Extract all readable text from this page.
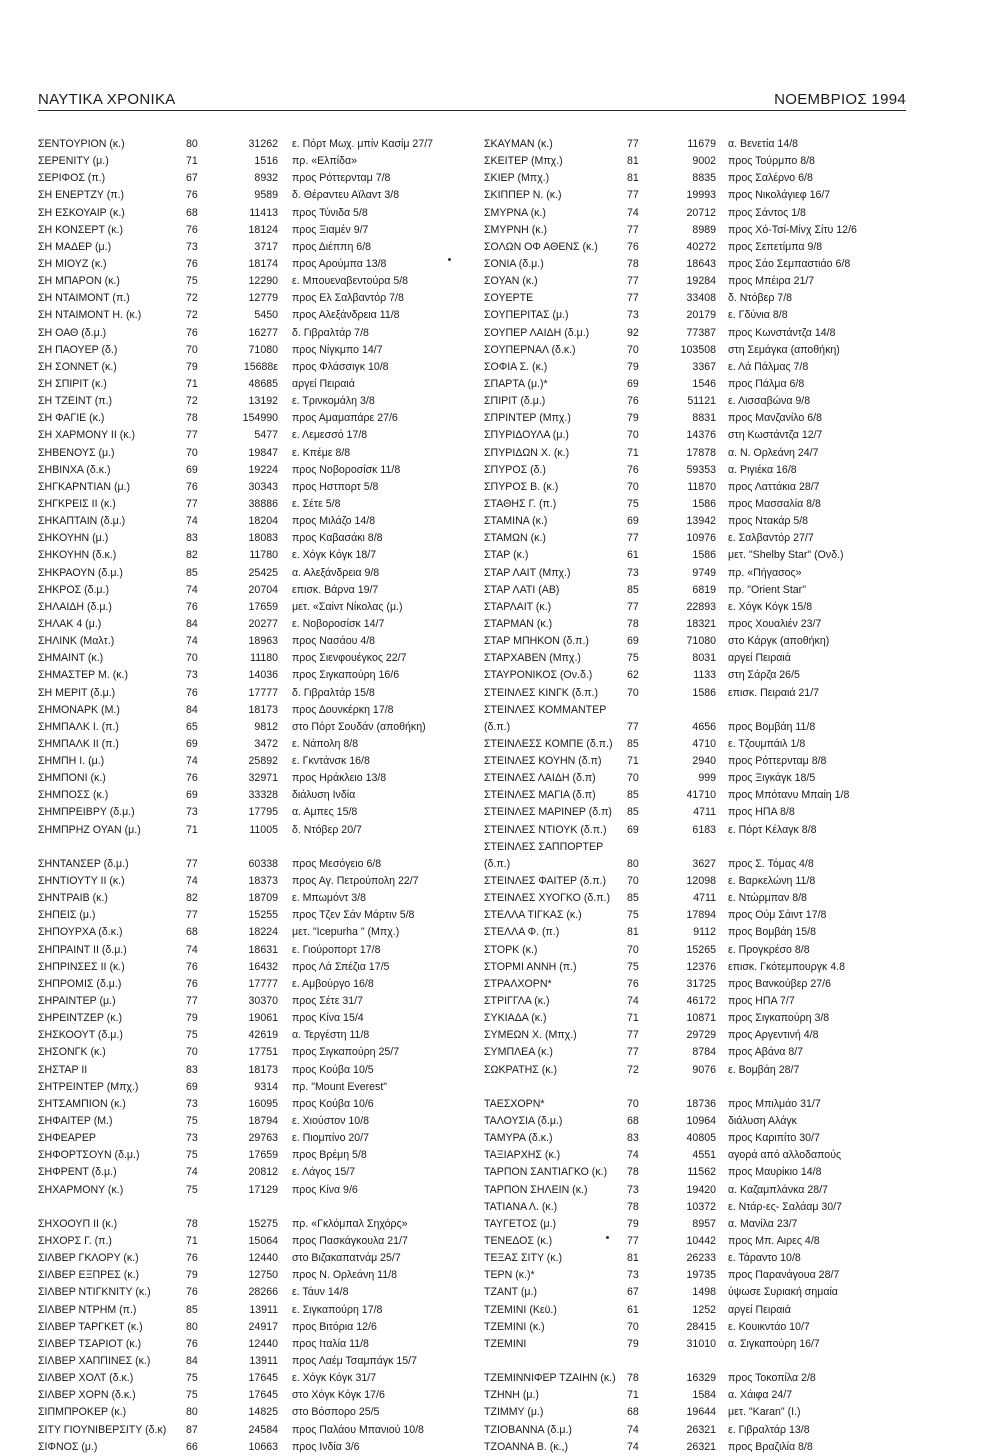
ΝΑΥΤΙΚΑ ΧΡΟΝΙΚΑ	ΝΟΕΜΒΡΙΟΣ 1994
ΣΕΝΤΟΥΡΙΟΝ (κ.)	80	31262	ε. Πόρτ Μωχ. μπίν Κασίμ 27/7
ΣΕΡΕΝΙΤΥ (μ.)	71	1516	πρ. «Ελπίδα»
ΣΕΡΙΦΟΣ (π.)	67	8932	προς Ρόττερνταμ 7/8
ΣΗ ΕΝΕΡΤΖΥ (π.)	76	9589	δ. Θέραντευ Αϊλαντ 3/8
ΣΗ ΕΣΚΟΥΑΙΡ (κ.)	68	11413	προς Τύνιδα 5/8
ΣΗ ΚΟΝΣΕΡΤ (κ.)	76	18124	προς Ξιαμέν 9/7
ΣΗ ΜΑΔΕΡ (μ.)	73	3717	προς Διέππη 6/8
ΣΗ ΜΙΟΥΖ (κ.)	76	18174	προς Αρούμπα 13/8
ΣΗ ΜΠΑΡΟΝ (κ.)	75	12290	ε. Μπουεναβεντούρα 5/8
ΣΗ ΝΤΑΙΜΟΝΤ (π.)	72	12779	προς Ελ Σαλβαντόρ 7/8
ΣΗ ΝΤΑΙΜΟΝΤ Η. (κ.)	72	5450	προς Αλεξάνδρεια 11/8
ΣΗ ΟΑΘ (δ.μ.)	76	16277	δ. Γιβραλτάρ 7/8
ΣΗ ΠΑΟΥΕΡ (δ.)	70	71080	προς Νίγκμπο 14/7
ΣΗ ΣΟΝΝΕΤ (κ.)	79	15688ε	προς Φλάσσιγκ 10/8
ΣΗ ΣΠΙΡΙΤ (κ.)	71	48685	αργεί Πειραιά
ΣΗ ΤΖΕΙΝΤ (π.)	72	13192	ε. Τρινκομάλη 3/8
ΣΗ ΦΑΓΙΕ (κ.)	78	154990	προς Αμαμαπάρε 27/6
ΣΗ ΧΑΡΜΟΝΥ ΙΙ (κ.)	77	5477	ε. Λεμεσσό 17/8
ΣΗΒΕΝΟΥΣ (μ.)	70	19847	ε. Κπέμε 8/8
ΣΗΒΙΝΧΑ (δ.κ.)	69	19224	προς Νοβοροσίσκ 11/8
ΣΗΓΚΑΡΝΤΙΑΝ (μ.)	76	30343	προς Ηστπορτ 5/8
ΣΗΓΚΡΕΙΣ ΙΙ (κ.)	77	38886	ε. Σέτε 5/8
ΣΗΚΑΠΤΑΙΝ (δ.μ.)	74	18204	προς Μιλάζο 14/8
ΣΗΚΟΥΗΝ (μ.)	83	18083	προς Καβασάκι 8/8
ΣΗΚΟΥΗΝ (δ.κ.)	82	11780	ε. Χόγκ Κόγκ 18/7
ΣΗΚΡΑΟΥΝ (δ.μ.)	85	25425	α. Αλεξάνδρεια 9/8
ΣΗΚΡΟΣ (δ.μ.)	74	20704	επισκ. Βάρνα 19/7
ΣΗΛΑΙΔΗ (δ.μ.)	76	17659	μετ. «Σαίντ Νίκολας (μ.)
ΣΗΛΑΚ 4 (μ.)	84	20277	ε. Νοβοροσίσκ 14/7
ΣΗΛΙΝΚ (Μαλτ.)	74	18963	προς Νασάου 4/8
ΣΗΜΑΙΝΤ (κ.)	70	11180	προς Σιενφουέγκος 22/7
ΣΗΜΑΣΤΕΡ Μ. (κ.)	73	14036	προς Σιγκαπούρη 16/6
ΣΗ ΜΕΡΙΤ (δ.μ.)	76	17777	δ. Γιβραλτάρ 15/8
ΣΗΜΟΝΑΡΚ (Μ.)	84	18173	προς Δουνκέρκη 17/8
ΣΗΜΠΑΛΚ Ι. (π.)	65	9812	στο Πόρτ Σουδάν (αποθήκη)
ΣΗΜΠΑΛΚ ΙΙ (π.)	69	3472	ε. Νάπολη 8/8
ΣΗΜΠΗ Ι. (μ.)	74	25892	ε. Γκντάνσκ 16/8
ΣΗΜΠΟΝΙ (κ.)	76	32971	προς Ηράκλειο 13/8
ΣΗΜΠΟΣΣ (κ.)	69	33328	διάλυση Ινδία
ΣΗΜΠΡΕΙΒΡΥ (δ.μ.)	73	17795	α. Αμπες 15/8
ΣΗΜΠΡΗΖ ΟΥΑΝ (μ.)	71	11005	δ. Ντόβερ 20/7
ΣΗΝΤΑΝΣΕΡ (δ.μ.)	77	60338	προς Μεσόγειο 6/8
ΣΗΝΤΙΟΥΤΥ ΙΙ (κ.)	74	18373	προς Αγ. Πετρούπολη 22/7
ΣΗΝΤΡΑΙΒ (κ.)	82	18709	ε. Μπωμόντ 3/8
ΣΗΠΕΙΣ (μ.)	77	15255	προς Τζεν Σάν Μάρτιν 5/8
ΣΗΠΟΥΡΧΑ (δ.κ.)	68	18224	μετ. "Icepurha " (Μπχ.)
ΣΗΠΡΑΙΝΤ ΙΙ (δ.μ.)	74	18631	ε. Γιούροπορτ 17/8
ΣΗΠΡΙΝΣΕΣ ΙΙ (κ.)	76	16432	προς Λά Σπέζια 17/5
ΣΗΠΡΟΜΙΣ (δ.μ.)	76	17777	ε. Αμβούργο 16/8
ΣΗΡΑΙΝΤΕΡ (μ.)	77	30370	προς Σέτε 31/7
ΣΗΡΕΙΝΤΖΕΡ (κ.)	79	19061	προς Κίνα 15/4
ΣΗΣΚΟΟΥΤ (δ.μ.)	75	42619	α. Τεργέστη 11/8
ΣΗΣΟΝΓΚ (κ.)	70	17751	προς Σιγκαπούρη 25/7
ΣΗΣΤΑΡ ΙΙ	83	18173	προς Κούβα 10/5
ΣΗΤΡΕΙΝΤΕΡ (Μπχ.)	69	9314	πρ. "Mount Everest"
ΣΗΤΣΑΜΠΙΟΝ (κ.)	73	16095	προς Κούβα 10/6
ΣΗΦΑΙΤΕΡ (Μ.)	75	18794	ε. Χιούστον 10/8
ΣΗΦΕΑΡΕΡ	73	29763	ε. Πιομπίνο 20/7
ΣΗΦΟΡΤΣΟΥΝ (δ.μ.)	75	17659	προς Βρέμη 5/8
ΣΗΦΡΕΝΤ (δ.μ.)	74	20812	ε. Λάγος 15/7
ΣΗΧΑΡΜΟΝΥ (κ.)	75	17129	προς Κίνα 9/6
ΣΗΧΟΟΥΠ ΙΙ (κ.)	78	15275	πρ. «Γκλόμπαλ Σηχόρς»
ΣΗΧΟΡΣ Γ. (π.)	71	15064	προς Πασκάγκουλα 21/7
ΣΙΛΒΕΡ ΓΚΛΟΡΥ (κ.)	76	12440	στο Βιζακαπατνάμ 25/7
ΣΙΛΒΕΡ ΕΞΠΡΕΣ (κ.)	79	12750	προς Ν. Ορλεάνη 11/8
ΣΙΛΒΕΡ ΝΤΙΓΚΝΙΤΥ (κ.)	76	28266	ε. Τάυν 14/8
ΣΙΛΒΕΡ ΝΤΡΗΜ (π.)	85	13911	ε. Σιγκαπούρη 17/8
ΣΙΛΒΕΡ ΤΑΡΓΚΕΤ (κ.)	80	24917	προς Βιτόρια 12/6
ΣΙΛΒΕΡ ΤΣΑΡΙΟΤ (κ.)	76	12440	προς Ιταλία 11/8
ΣΙΛΒΕΡ ΧΑΠΠΙΝΕΣ (κ.)	84	13911	προς Λαέμ Τσαμπάγκ 15/7
ΣΙΛΒΕΡ ΧΟΛΤ (δ.κ.)	75	17645	ε. Χόγκ Κόγκ 31/7
ΣΙΛΒΕΡ ΧΟΡΝ (δ.κ.)	75	17645	στο Χόγκ Κόγκ 17/6
ΣΙΠΜΠΡΟΚΕΡ (κ.)	80	14825	στο Βόσπορο 25/5
ΣΙΤΥ ΓΙΟΥΝΙΒΕΡΣΙΤΥ (δ.κ)	87	24584	προς Παλάου Μπανιού 10/8
ΣΙΦΝΟΣ (μ.)	66	10663	προς Ινδία 3/6
ΣΚΑΥΜΑΝ (κ.)	77	11679	α. Βενετία 14/8
ΣΚΕΙΤΕΡ (Μπχ.)	81	9002	προς Τούρμπο 8/8
ΣΚΙΕΡ (Μπχ.)	81	8835	προς Σαλέρνο 6/8
ΣΚΙΠΠΕΡ Ν. (κ.)	77	19993	προς Νικολάγιεφ 16/7
ΣΜΥΡΝΑ (κ.)	74	20712	προς Σάντος 1/8
ΣΜΥΡΝΗ (κ.)	77	8989	προς Χό-Τσί-Μίνχ Σίτυ 12/6
ΣΟΛΩΝ ΟΦ ΑΘΕΝΣ (κ.)	76	40272	προς Σεπετίμπα 9/8
ΣΟΝΙΑ (δ.μ.)	78	18643	προς Σάο Σεμπαστιάο 6/8
ΣΟΥΑΝ (κ.)	77	19284	προς Μπέιρα 21/7
ΣΟΥΕΡΤΕ	77	33408	δ. Ντόβερ 7/8
ΣΟΥΠΕΡΙΤΑΣ (μ.)	73	20179	ε. Γδύνια 8/8
ΣΟΥΠΕΡ ΛΑΙΔΗ (δ.μ.)	92	77387	προς Κωνστάντζα 14/8
ΣΟΥΠΕΡΝΑΛ (δ.κ.)	70	103508	στη Σεμάγκα (αποθήκη)
ΣΟΦΙΑ Σ. (κ.)	79	3367	ε. Λά Πάλμας 7/8
ΣΠΑΡΤΑ (μ.)*	69	1546	προς Πάλμα 6/8
ΣΠΙΡΙΤ (δ.μ.)	76	51121	ε. Λισσαβώνα 9/8
ΣΠΡΙΝΤΕΡ (Μπχ.)	79	8831	προς Μανζανίλο 6/8
ΣΠΥΡΙΔΟΥΛΑ (μ.)	70	14376	στη Κωστάντζα 12/7
ΣΠΥΡΙΔΩΝ Χ. (κ.)	71	17878	α. Ν. Ορλεάνη 24/7
ΣΠΥΡΟΣ (δ.)	76	59353	α. Ριγιέκα 16/8
ΣΠΥΡΟΣ Β. (κ.)	70	11870	προς Λαττάκια 28/7
ΣΤΑΘΗΣ Γ. (π.)	75	1586	προς Μασσαλία 8/8
ΣΤΑΜΙΝΑ (κ.)	69	13942	προς Ντακάρ 5/8
ΣΤΑΜΩΝ (κ.)	77	10976	ε. Σαλβαντόρ 27/7
ΣΤΑΡ (κ.)	61	1586	μετ. "Shelby Star" (Ονδ.)
ΣΤΑΡ ΛΑΙΤ (Μπχ.)	73	9749	πρ. «Πήγασος»
ΣΤΑΡ ΛΑΤΙ (ΑΒ)	85	6819	πρ. "Orient Star"
ΣΤΑΡΛΑΙΤ (κ.)	77	22893	ε. Χόγκ Κόγκ 15/8
ΣΤΑΡΜΑΝ (κ.)	78	18321	προς Χουαλιέν 23/7
ΣΤΑΡ ΜΠΗΚΟΝ (δ.π.)	69	71080	στο Κάργκ (αποθήκη)
ΣΤΑΡΧΑΒΕΝ (Μπχ.)	75	8031	αργεί Πειραιά
ΣΤΑΥΡΟΝΙΚΟΣ (Ον.δ.)	62	1133	στη Σάρζα 26/5
ΣΤΕΙΝΛΕΣ ΚΙΝΓΚ (δ.π.)	70	1586	επισκ. Πειραιά 21/7
ΣΤΕΙΝΛΕΣ ΚΟΜΜΑΝΤΕΡ
(δ.π.)	77	4656	προς Βομβάη 11/8
ΣΤΕΙΝΛΕΣΣ ΚΟΜΠΕ (δ.π.)	85	4710	ε. Τζουμπάιλ 1/8
ΣΤΕΙΝΛΕΣ ΚΟΥΗΝ (δ.π)	71	2940	προς Ρόττερνταμ 8/8
ΣΤΕΙΝΛΕΣ ΛΑΙΔΗ (δ.π)	70	999	προς Ξιγκάγκ 18/5
ΣΤΕΙΝΛΕΣ ΜΑΓΙΑ (δ.π)	85	41710	προς Μπότανυ Μπαίη 1/8
ΣΤΕΙΝΛΕΣ ΜΑΡΙΝΕΡ (δ.π)	85	4711	προς ΗΠΑ 8/8
ΣΤΕΙΝΛΕΣ ΝΤΙΟΥΚ (δ.π.)	69	6183	ε. Πόρτ Κέλαγκ 8/8
ΣΤΕΙΝΛΕΣ ΣΑΠΠΟΡΤΕΡ
(δ.π.)	80	3627	προς Σ. Τόμας 4/8
ΣΤΕΙΝΛΕΣ ΦΑΙΤΕΡ (δ.π.)	70	12098	ε. Βαρκελώνη 11/8
ΣΤΕΙΝΛΕΣ ΧΥΟΓΚΟ (δ.π.)	85	4711	ε. Ντώρμπαν 8/8
ΣΤΕΛΛΑ ΤΙΓΚΑΣ (κ.)	75	17894	προς Ούμ Σάιντ 17/8
ΣΤΕΛΛΑ Φ. (π.)	81	9112	προς Βομβάη 15/8
ΣΤΟΡΚ (κ.)	70	15265	ε. Προγκρέσο 8/8
ΣΤΟΡΜΙ ΑΝΝΗ (π.)	75	12376	επισκ. Γκότεμπουργκ 4.8
ΣΤΡΑΛΧΟΡΝ*	76	31725	προς Βανκούβερ 27/6
ΣΤΡΙΓΓΛΑ (κ.)	74	46172	προς ΗΠΑ 7/7
ΣΥΚΙΑΔΑ (κ.)	71	10871	προς Σιγκαπούρη 3/8
ΣΥΜΕΩΝ Χ. (Μπχ.)	77	29729	προς Αργεντινή 4/8
ΣΥΜΠΛΕΑ (κ.)	77	8784	προς Αβάνα 8/7
ΣΩΚΡΑΤΗΣ (κ.)	72	9076	ε. Βομβάη 28/7
ΤΑΕΣΧΟΡΝ*	70	18736	προς Μπιλμάο 31/7
ΤΑΛΟΥΣΙΑ (δ.μ.)	68	10964	διάλυση Αλάγκ
ΤΑΜΥΡΑ (δ.κ.)	83	40805	προς Καριπίτο 30/7
ΤΑΞΙΑΡΧΗΣ (κ.)	74	4551	αγορά από αλλοδαπούς
ΤΑΡΠΟΝ ΣΑΝΤΙΑΓΚΟ (κ.)	78	11562	προς Μαυρίκιο 14/8
ΤΑΡΠΟΝ ΣΗΛΕΙΝ (κ.)	73	19420	α. Καζαμπλάνκα 28/7
ΤΑΤΙΑΝΑ Λ. (κ.)	78	10372	ε. Ντάρ-ες- Σαλάαμ 30/7
ΤΑΥΓΕΤΟΣ (μ.)	79	8957	α. Μανίλα 23/7
ΤΕΝΕΔΟΣ (κ.)	77	10442	προς Μπ. Αιρες 4/8
ΤΕΞΑΣ ΣΙΤΥ (κ.)	81	26233	ε. Τάραντο 10/8
ΤΕΡΝ (κ.)*	73	19735	προς Παρανάγουα 28/7
ΤΖΑΝΤ (μ.)	67	1498	ύψωσε Συριακή σημαία
ΤΖΕΜΙΝΙ (Κεϋ.)	61	1252	αργεί Πειραιά
ΤΖΕΜΙΝΙ (κ.)	70	28415	ε. Κουικντάο 10/7
ΤΖΕΜΙΝΙ	79	31010	α. Σιγκαπούρη 16/7
ΤΖΕΜΙΝΝΙΦΕΡ ΤΖΑΙΗΝ (κ.)	78	16329	προς Τοκοπίλα 2/8
ΤΖΗΝΗ (μ.)	71	1584	α. Χάιφα 24/7
ΤΖΙΜΜΥ (μ.)	68	19644	μετ. "Karan" (Ι.)
ΤΖΙΟΒΑΝΝΑ (δ.μ.)	74	26321	ε. Γιβραλτάρ 13/8
ΤΖΟΑΝΝΑ Β. (κ.,)	74	26321	προς Βραζιλία 8/8
